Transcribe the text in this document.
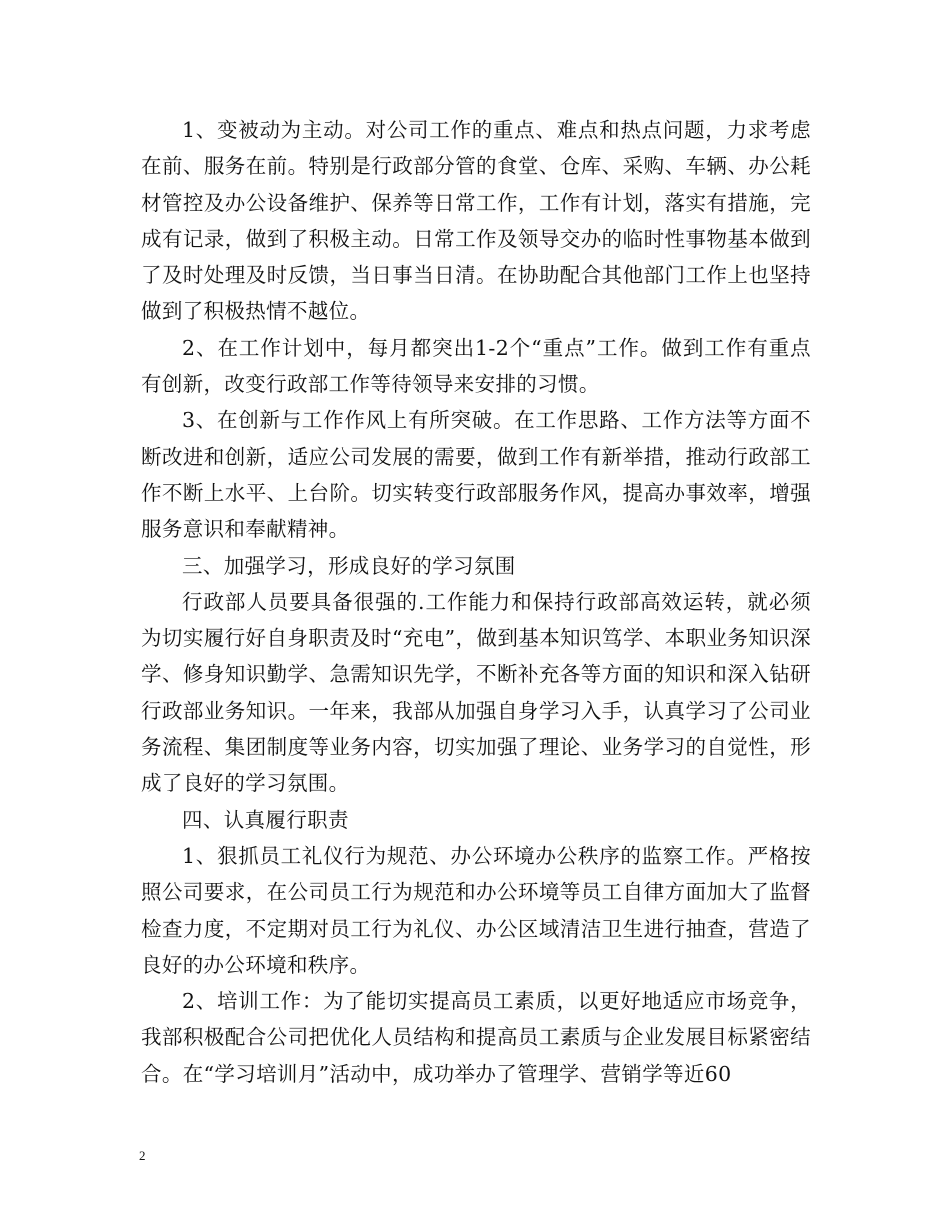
1、变被动为主动。对公司工作的重点、难点和热点问题，力求考虑在前、服务在前。特别是行政部分管的食堂、仓库、采购、车辆、办公耗材管控及办公设备维护、保养等日常工作，工作有计划，落实有措施，完成有记录，做到了积极主动。日常工作及领导交办的临时性事物基本做到了及时处理及时反馈，当日事当日清。在协助配合其他部门工作上也坚持做到了积极热情不越位。

2、在工作计划中，每月都突出1-2个“重点”工作。做到工作有重点有创新，改变行政部工作等待领导来安排的习惯。

3、在创新与工作作风上有所突破。在工作思路、工作方法等方面不断改进和创新，适应公司发展的需要，做到工作有新举措，推动行政部工作不断上水平、上台阶。切实转变行政部服务作风，提高办事效率，增强服务意识和奉献精神。

三、加强学习，形成良好的学习氛围

行政部人员要具备很强的.工作能力和保持行政部高效运转，就必须为切实履行好自身职责及时“充电”，做到基本知识笃学、本职业务知识深学、修身知识勤学、急需知识先学，不断补充各等方面的知识和深入钻研行政部业务知识。一年来，我部从加强自身学习入手，认真学习了公司业务流程、集团制度等业务内容，切实加强了理论、业务学习的自觉性，形成了良好的学习氛围。

四、认真履行职责

1、狠抓员工礼仪行为规范、办公环境办公秩序的监察工作。严格按照公司要求，在公司员工行为规范和办公环境等员工自律方面加大了监督检查力度，不定期对员工行为礼仪、办公区域清洁卫生进行抽查，营造了良好的办公环境和秩序。

2、培训工作：为了能切实提高员工素质，以更好地适应市场竞争，我部积极配合公司把优化人员结构和提高员工素质与企业发展目标紧密结合。在“学习培训月”活动中，成功举办了管理学、营销学等近60

2
